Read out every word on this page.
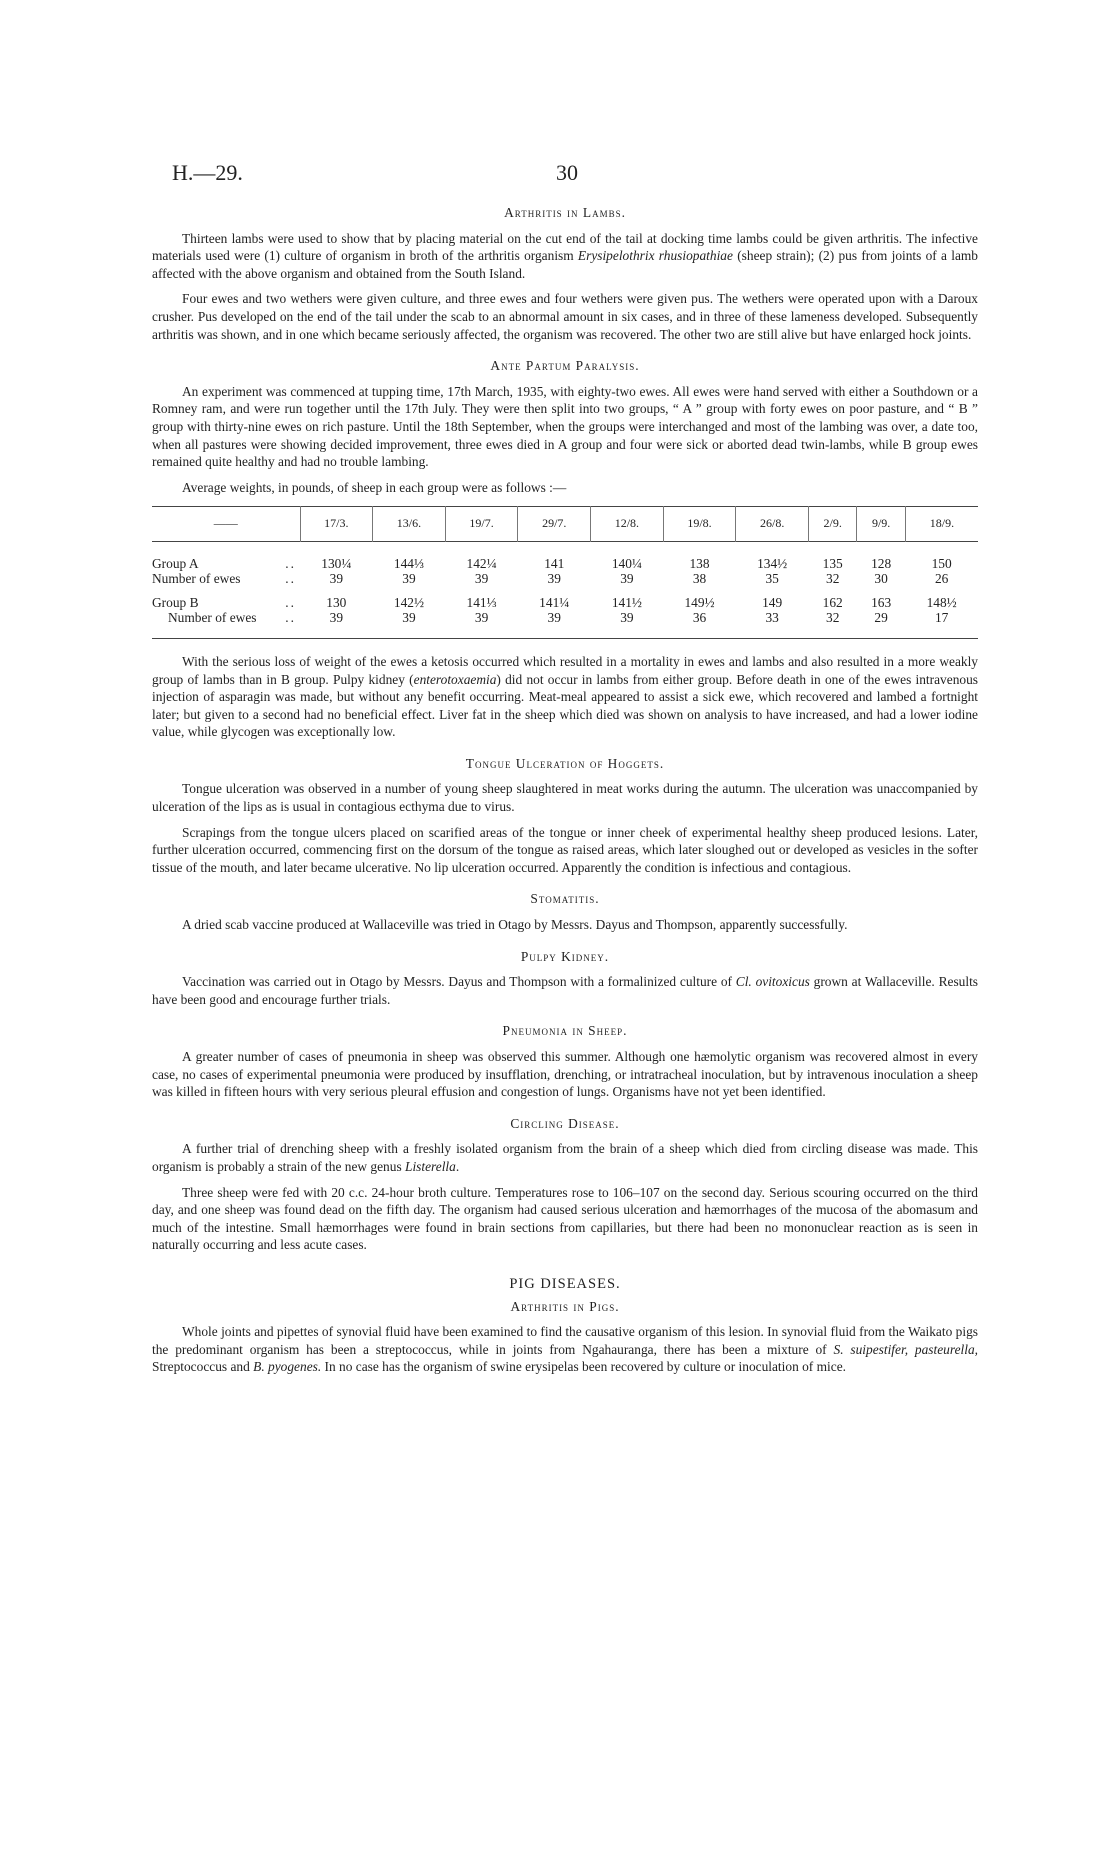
H.—29.	30
Arthritis in Lambs.

Thirteen lambs were used to show that by placing material on the cut end of the tail at docking time lambs could be given arthritis. The infective materials used were (1) culture of organism in broth of the arthritis organism Erysipelothrix rhusiopathiae (sheep strain); (2) pus from joints of a lamb affected with the above organism and obtained from the South Island.

Four ewes and two wethers were given culture, and three ewes and four wethers were given pus. The wethers were operated upon with a Daroux crusher. Pus developed on the end of the tail under the scab to an abnormal amount in six cases, and in three of these lameness developed. Subsequently arthritis was shown, and in one which became seriously affected, the organism was recovered. The other two are still alive but have enlarged hock joints.

Ante Partum Paralysis.

An experiment was commenced at tupping time, 17th March, 1935, with eighty-two ewes. All ewes were hand served with either a Southdown or a Romney ram, and were run together until the 17th July. They were then split into two groups, “ A ” group with forty ewes on poor pasture, and “ B ” group with thirty-nine ewes on rich pasture. Until the 18th September, when the groups were interchanged and most of the lambing was over, a date too, when all pastures were showing decided improvement, three ewes died in A group and four were sick or aborted dead twin-lambs, while B group ewes remained quite healthy and had no trouble lambing.

Average weights, in pounds, of sheep in each group were as follows :—

——	17/3.	13/6.	19/7.	29/7.	12/8.	19/8.	26/8.	2/9.	9/9.	18/9.

Group A ..	130¼	144⅓	142¼	141	140¼	138	134½	135	128	150
Number of ewes ..	39	39	39	39	39	38	35	32	30	26

Group B ..	130	142½	141⅓	141¼	141½	149½	149	162	163	148½
Number of ewes ..	39	39	39	39	39	36	33	32	29	17

With the serious loss of weight of the ewes a ketosis occurred which resulted in a mortality in ewes and lambs and also resulted in a more weakly group of lambs than in B group. Pulpy kidney (enterotoxaemia) did not occur in lambs from either group. Before death in one of the ewes intravenous injection of asparagin was made, but without any benefit occurring. Meat-meal appeared to assist a sick ewe, which recovered and lambed a fortnight later; but given to a second had no beneficial effect. Liver fat in the sheep which died was shown on analysis to have increased, and had a lower iodine value, while glycogen was exceptionally low.

Tongue Ulceration of Hoggets.

Tongue ulceration was observed in a number of young sheep slaughtered in meat works during the autumn. The ulceration was unaccompanied by ulceration of the lips as is usual in contagious ecthyma due to virus.

Scrapings from the tongue ulcers placed on scarified areas of the tongue or inner cheek of experimental healthy sheep produced lesions. Later, further ulceration occurred, commencing first on the dorsum of the tongue as raised areas, which later sloughed out or developed as vesicles in the softer tissue of the mouth, and later became ulcerative. No lip ulceration occurred. Apparently the condition is infectious and contagious.

Stomatitis.

A dried scab vaccine produced at Wallaceville was tried in Otago by Messrs. Dayus and Thompson, apparently successfully.

Pulpy Kidney.

Vaccination was carried out in Otago by Messrs. Dayus and Thompson with a formalinized culture of Cl. ovitoxicus grown at Wallaceville. Results have been good and encourage further trials.

Pneumonia in Sheep.

A greater number of cases of pneumonia in sheep was observed this summer. Although one hæmolytic organism was recovered almost in every case, no cases of experimental pneumonia were produced by insufflation, drenching, or intratracheal inoculation, but by intravenous inoculation a sheep was killed in fifteen hours with very serious pleural effusion and congestion of lungs. Organisms have not yet been identified.

Circling Disease.

A further trial of drenching sheep with a freshly isolated organism from the brain of a sheep which died from circling disease was made. This organism is probably a strain of the new genus Listerella.

Three sheep were fed with 20 c.c. 24-hour broth culture. Temperatures rose to 106–107 on the second day. Serious scouring occurred on the third day, and one sheep was found dead on the fifth day. The organism had caused serious ulceration and hæmorrhages of the mucosa of the abomasum and much of the intestine. Small hæmorrhages were found in brain sections from capillaries, but there had been no mononuclear reaction as is seen in naturally occurring and less acute cases.

PIG DISEASES.
Arthritis in Pigs.

Whole joints and pipettes of synovial fluid have been examined to find the causative organism of this lesion. In synovial fluid from the Waikato pigs the predominant organism has been a streptococcus, while in joints from Ngahauranga, there has been a mixture of S. suipestifer, pasteurella, Streptococcus and B. pyogenes. In no case has the organism of swine erysipelas been recovered by culture or inoculation of mice.
